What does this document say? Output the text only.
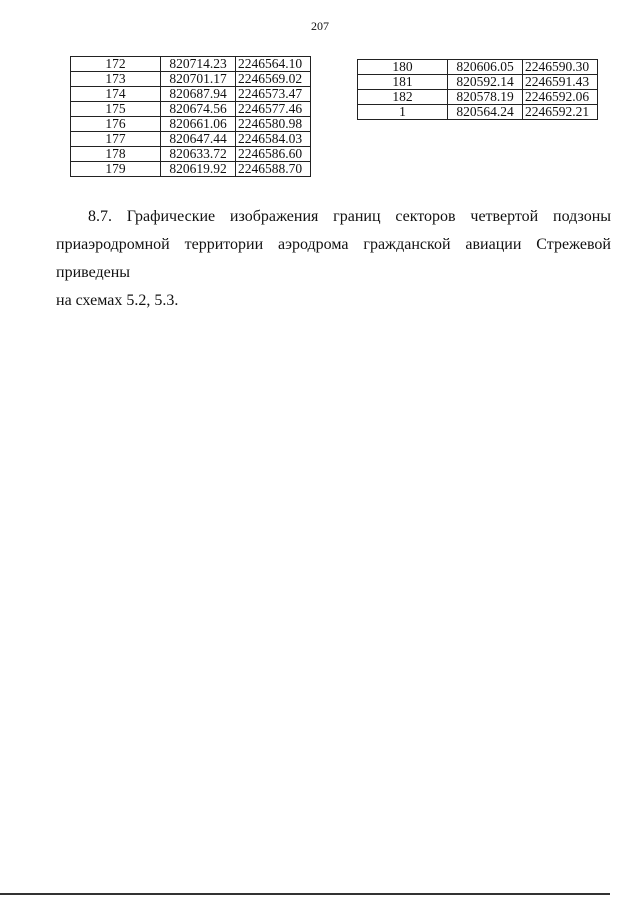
207
172	820714.23	2246564.10
173	820701.17	2246569.02
174	820687.94	2246573.47
175	820674.56	2246577.46
176	820661.06	2246580.98
177	820647.44	2246584.03
178	820633.72	2246586.60
179	820619.92	2246588.70
180	820606.05	2246590.30
181	820592.14	2246591.43
182	820578.19	2246592.06
1	820564.24	2246592.21
8.7. Графические изображения границ секторов четвертой подзоны
приаэродромной территории аэродрома гражданской авиации Стрежевой приведены
на схемах 5.2, 5.3.
